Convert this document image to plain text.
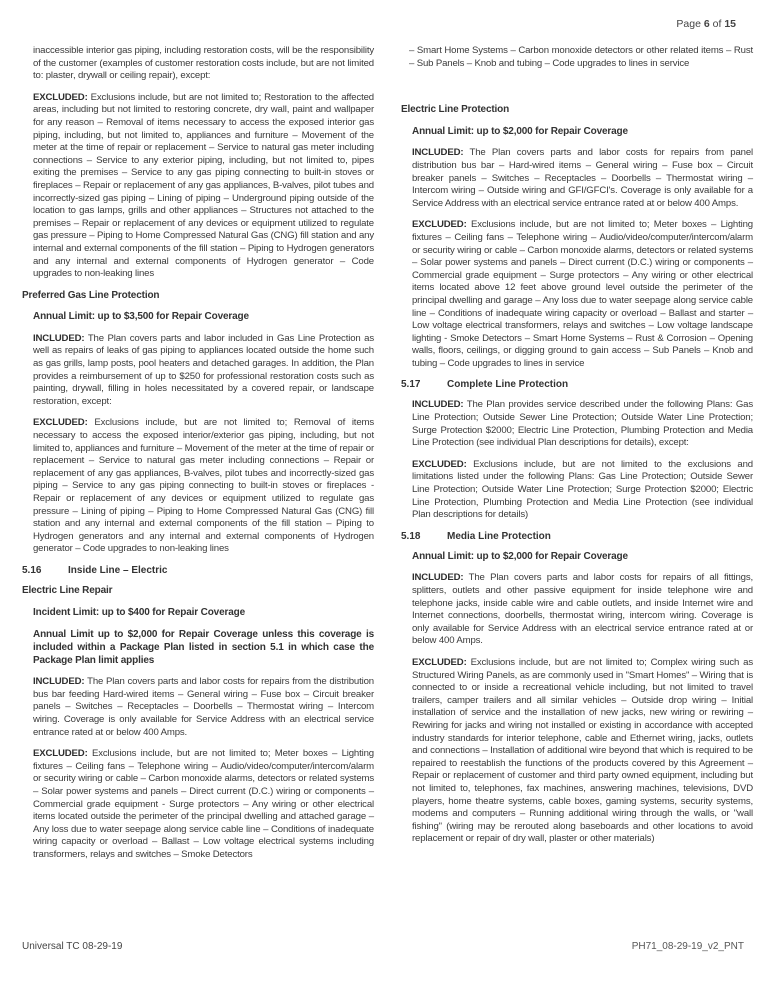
Page 6 of 15

inaccessible interior gas piping, including restoration costs, will be the responsibility of the customer (examples of customer restoration costs include, but are not limited to: plaster, drywall or ceiling repair), except:

EXCLUDED: Exclusions include, but are not limited to; Restoration to the affected areas, including but not limited to restoring concrete, dry wall, paint and wallpaper for any reason – Removal of items necessary to access the exposed interior gas piping, including, but not limited to, appliances and furniture – Movement of the meter at the time of repair or replacement – Service to natural gas meter including connections – Service to any exterior piping, including, but not limited to, pipes exiting the premises – Service to any gas piping connecting to built-in stoves or fireplaces – Repair or replacement of any gas appliances, B-valves, pilot tubes and incorrectly-sized gas piping – Lining of piping – Underground piping outside of the location to gas lamps, grills and other appliances – Structures not attached to the premises – Repair or replacement of any devices or equipment utilized to regulate gas pressure – Piping to Home Compressed Natural Gas (CNG) fill station and any internal and external components of the fill station – Piping to Hydrogen generators and any internal and external components of Hydrogen generator – Code upgrades to non-leaking lines

Preferred Gas Line Protection

Annual Limit: up to $3,500 for Repair Coverage

INCLUDED: The Plan covers parts and labor included in Gas Line Protection as well as repairs of leaks of gas piping to appliances located outside the home such as gas grills, lamp posts, pool heaters and detached garages. In addition, the Plan provides a reimbursement of up to $250 for professional restoration costs such as painting, drywall, filling in holes necessitated by a covered repair, or landscape restoration, except:

EXCLUDED: Exclusions include, but are not limited to; Removal of items necessary to access the exposed interior/exterior gas piping, including, but not limited to, appliances and furniture – Movement of the meter at the time of repair or replacement – Service to natural gas meter including connections – Repair or replacement of any gas appliances, B-valves, pilot tubes and incorrectly-sized gas piping – Service to any gas piping connecting to built-in stoves or fireplaces - Repair or replacement of any devices or equipment utilized to regulate gas pressure – Lining of piping – Piping to Home Compressed Natural Gas (CNG) fill station and any internal and external components of the fill station – Piping to Hydrogen generators and any internal and external components of Hydrogen generator – Code upgrades to non-leaking lines

5.16	Inside Line – Electric

Electric Line Repair

Incident Limit: up to $400 for Repair Coverage

Annual Limit up to $2,000 for Repair Coverage unless this coverage is included within a Package Plan listed in section 5.1 in which case the Package Plan limit applies

INCLUDED: The Plan covers parts and labor costs for repairs from the distribution bus bar feeding Hard-wired items – General wiring – Fuse box – Circuit breaker panels – Switches – Receptacles – Doorbells – Thermostat wiring – Intercom wiring. Coverage is only available for Service Address with an electrical service entrance rated at or below 400 Amps.

EXCLUDED: Exclusions include, but are not limited to; Meter boxes – Lighting fixtures – Ceiling fans – Telephone wiring – Audio/video/computer/intercom/alarm or security wiring or cable – Carbon monoxide alarms, detectors or related systems – Solar power systems and panels – Direct current (D.C.) wiring or components – Commercial grade equipment - Surge protectors – Any wiring or other electrical items located outside the perimeter of the principal dwelling and attached garage – Any loss due to water seepage along service cable line – Conditions of inadequate wiring capacity or overload – Ballast – Low voltage electrical systems including transformers, relays and switches – Smoke Detectors

– Smart Home Systems – Carbon monoxide detectors or other related items – Rust – Sub Panels – Knob and tubing – Code upgrades to lines in service

Electric Line Protection

Annual Limit: up to $2,000 for Repair Coverage

INCLUDED: The Plan covers parts and labor costs for repairs from panel distribution bus bar – Hard-wired items – General wiring – Fuse box – Circuit breaker panels – Switches – Receptacles – Doorbells – Thermostat wiring – Intercom wiring – Outside wiring and GFI/GFCI's. Coverage is only available for a Service Address with an electrical service entrance rated at or below 400 Amps.

EXCLUDED: Exclusions include, but are not limited to; Meter boxes – Lighting fixtures – Ceiling fans – Telephone wiring – Audio/video/computer/intercom/alarm or security wiring or cable – Carbon monoxide alarms, detectors or related systems – Solar power systems and panels – Direct current (D.C.) wiring or components – Commercial grade equipment – Surge protectors – Any wiring or other electrical items located above 12 feet above ground level outside the perimeter of the principal dwelling and garage – Any loss due to water seepage along service cable line – Conditions of inadequate wiring capacity or overload – Ballast and starter – Low voltage electrical transformers, relays and switches – Low voltage landscape lighting - Smoke Detectors – Smart Home Systems – Rust & Corrosion – Opening walls, floors, ceilings, or digging ground to gain access – Sub Panels – Knob and tubing – Code upgrades to lines in service

5.17	Complete Line Protection

INCLUDED: The Plan provides service described under the following Plans: Gas Line Protection; Outside Sewer Line Protection; Outside Water Line Protection; Surge Protection $2000; Electric Line Protection, Plumbing Protection and Media Line Protection (see individual Plan descriptions for details), except:

EXCLUDED: Exclusions include, but are not limited to the exclusions and limitations listed under the following Plans: Gas Line Protection; Outside Sewer Line Protection; Outside Water Line Protection; Surge Protection $2000; Electric Line Protection, Plumbing Protection and Media Line Protection (see individual Plan descriptions for details)

5.18	Media Line Protection

Annual Limit: up to $2,000 for Repair Coverage

INCLUDED: The Plan covers parts and labor costs for repairs of all fittings, splitters, outlets and other passive equipment for inside telephone wire and telephone jacks, inside cable wire and cable outlets, and inside Internet wire and Internet connections, doorbells, thermostat wiring, intercom wiring. Coverage is only available for Service Address with an electrical service entrance rated at or below 400 Amps.

EXCLUDED: Exclusions include, but are not limited to; Complex wiring such as Structured Wiring Panels, as are commonly used in "Smart Homes" – Wiring that is connected to or inside a recreational vehicle including, but not limited to travel trailers, camper trailers and all similar vehicles – Outside drop wiring – Initial installation of service and the installation of new jacks, new wiring or rewiring – Rewiring for jacks and wiring not installed or existing in accordance with accepted industry standards for interior telephone, cable and Ethernet wiring, jacks, outlets and connections – Installation of additional wire beyond that which is required to be repaired to reestablish the functions of the products covered by this Agreement – Repair or replacement of customer and third party owned equipment, including but not limited to, telephones, fax machines, answering machines, televisions, DVD players, home theatre systems, cable boxes, gaming systems, security systems, modems and computers – Running additional wiring through the walls, or "wall fishing" (wiring may be rerouted along baseboards and other locations to avoid replacement or repair of dry wall, plaster or other materials)

Universal TC 08-29-19	PH71_08-29-19_v2_PNT
